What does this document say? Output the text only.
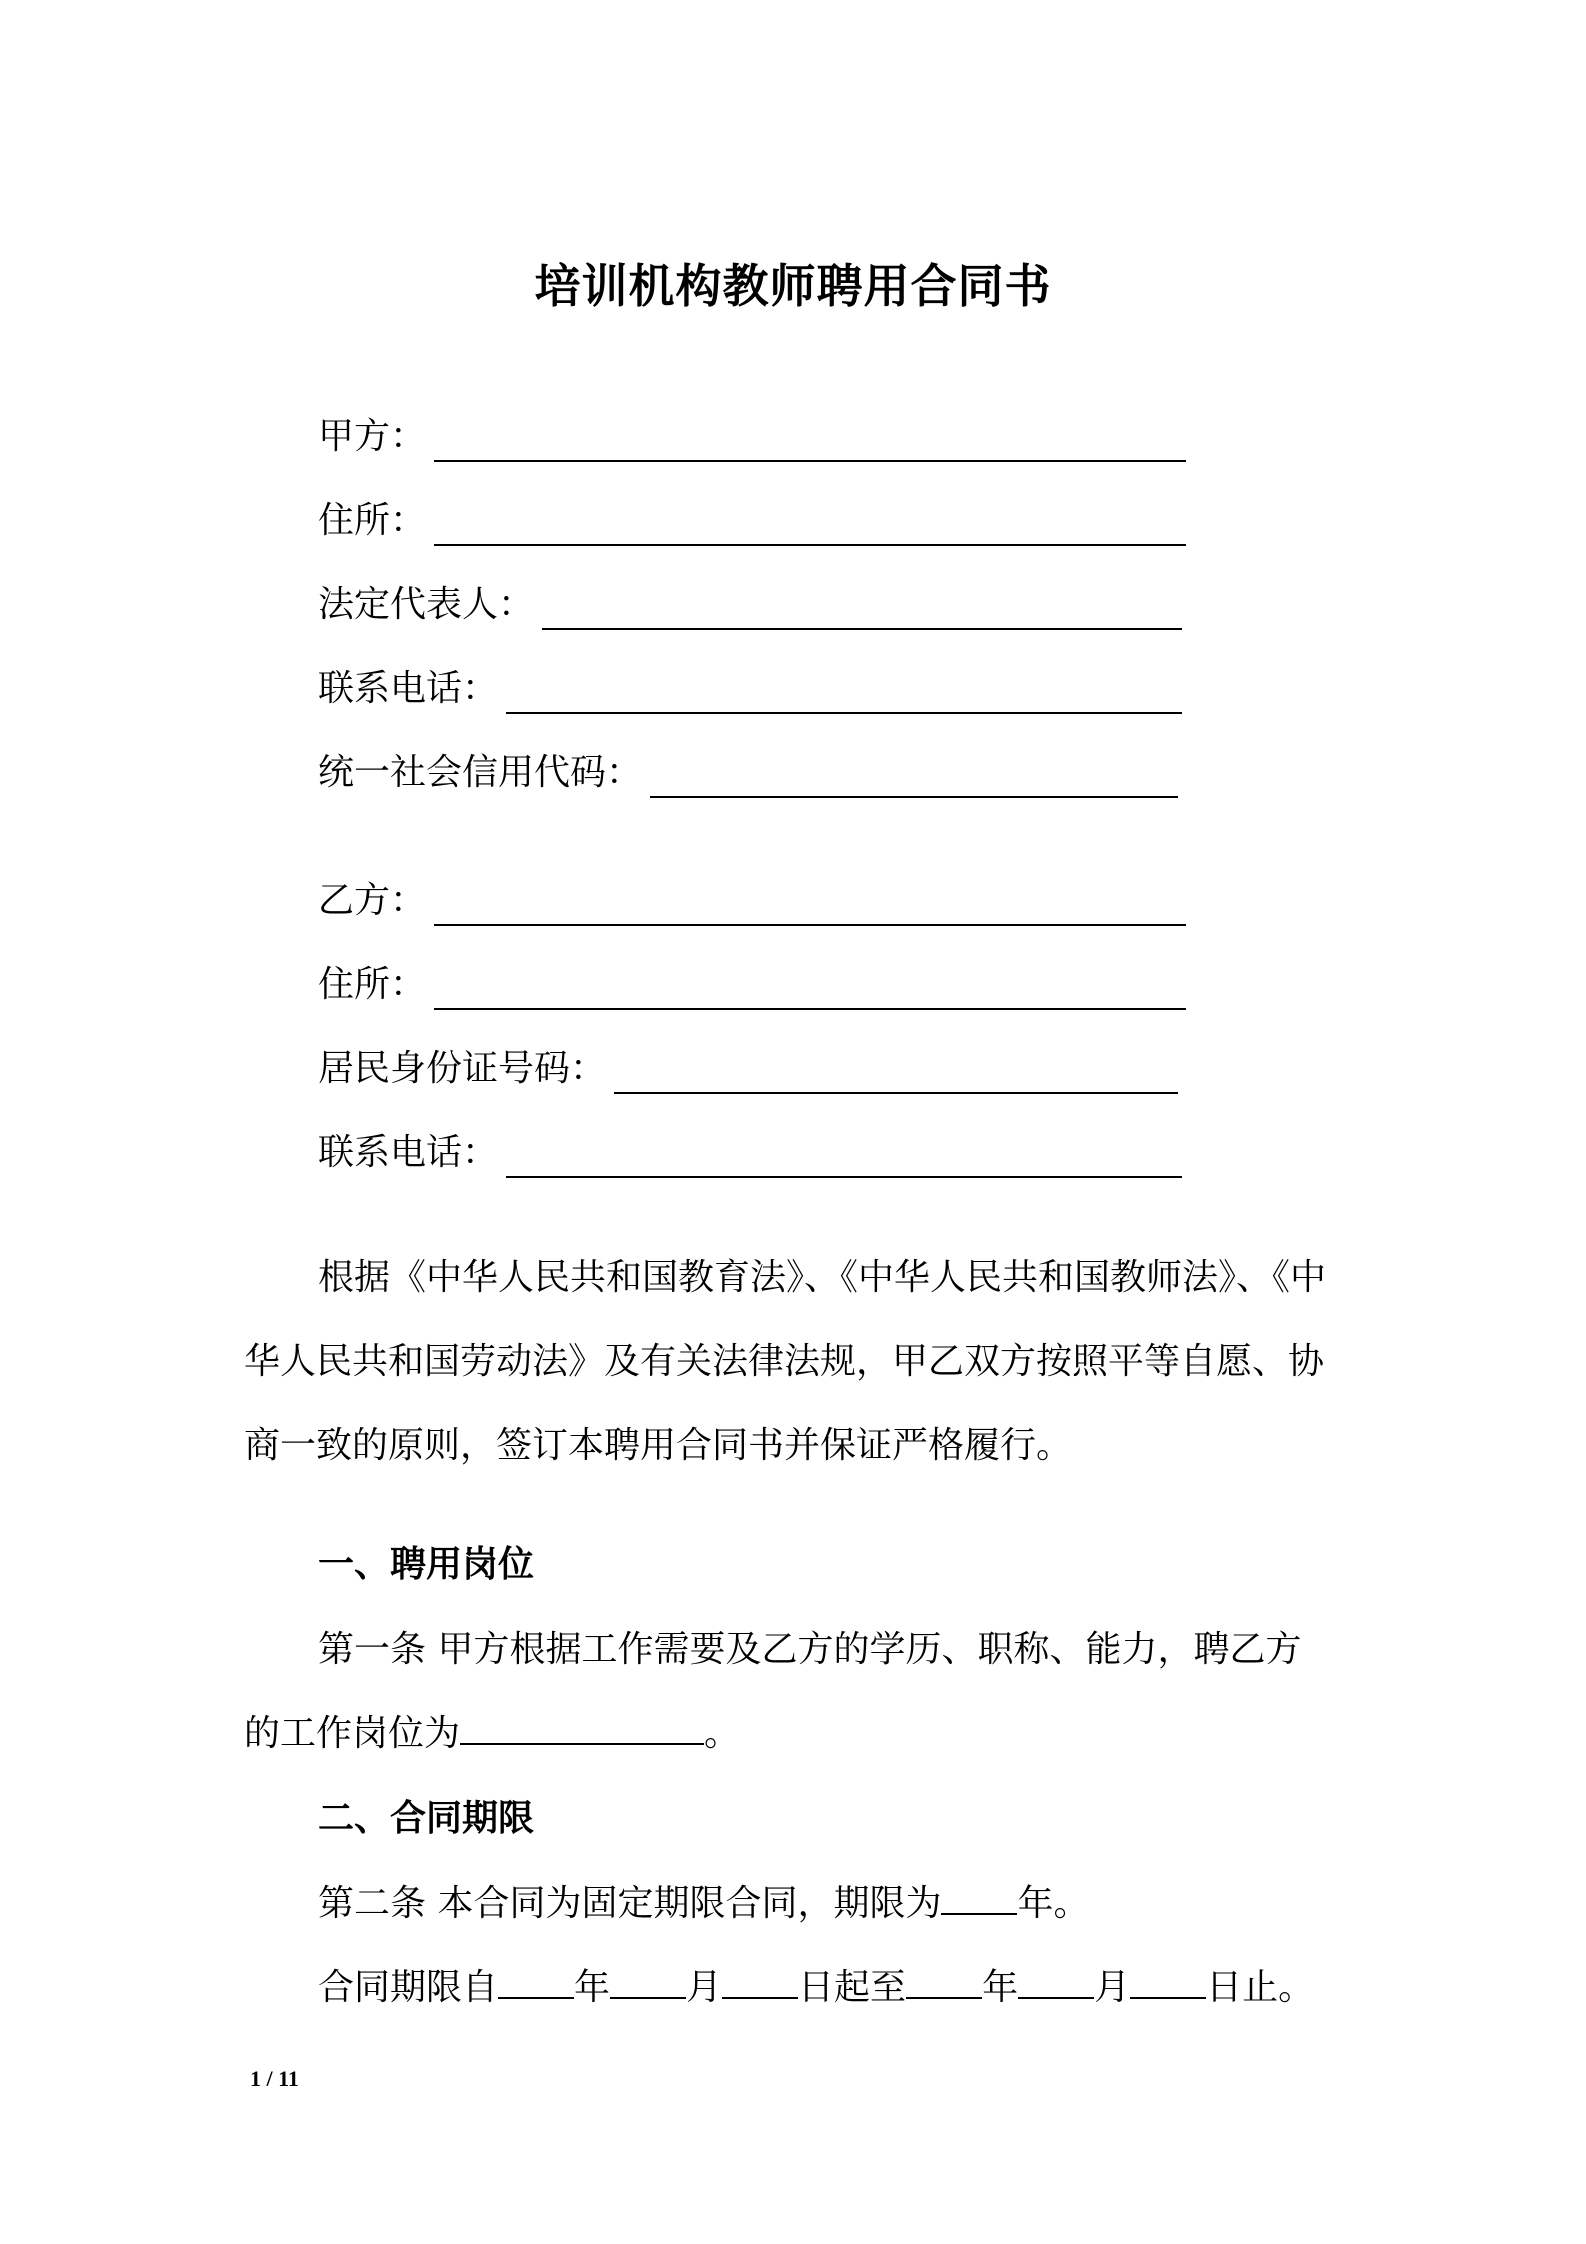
培训机构教师聘用合同书
甲方：
住所：
法定代表人：
联系电话：
统一社会信用代码：
乙方：
住所：
居民身份证号码：
联系电话：
根据《中华人民共和国教育法》、《中华人民共和国教师法》、《中
华人民共和国劳动法》及有关法律法规，甲乙双方按照平等自愿、协
商一致的原则，签订本聘用合同书并保证严格履行。
一、聘用岗位
第一条 甲方根据工作需要及乙方的学历、职称、能力，聘乙方
的工作岗位为	。
二、合同期限
第二条 本合同为固定期限合同，期限为 年。
合同期限自 年 月 日起至 年 月 日止。
1 / 11
